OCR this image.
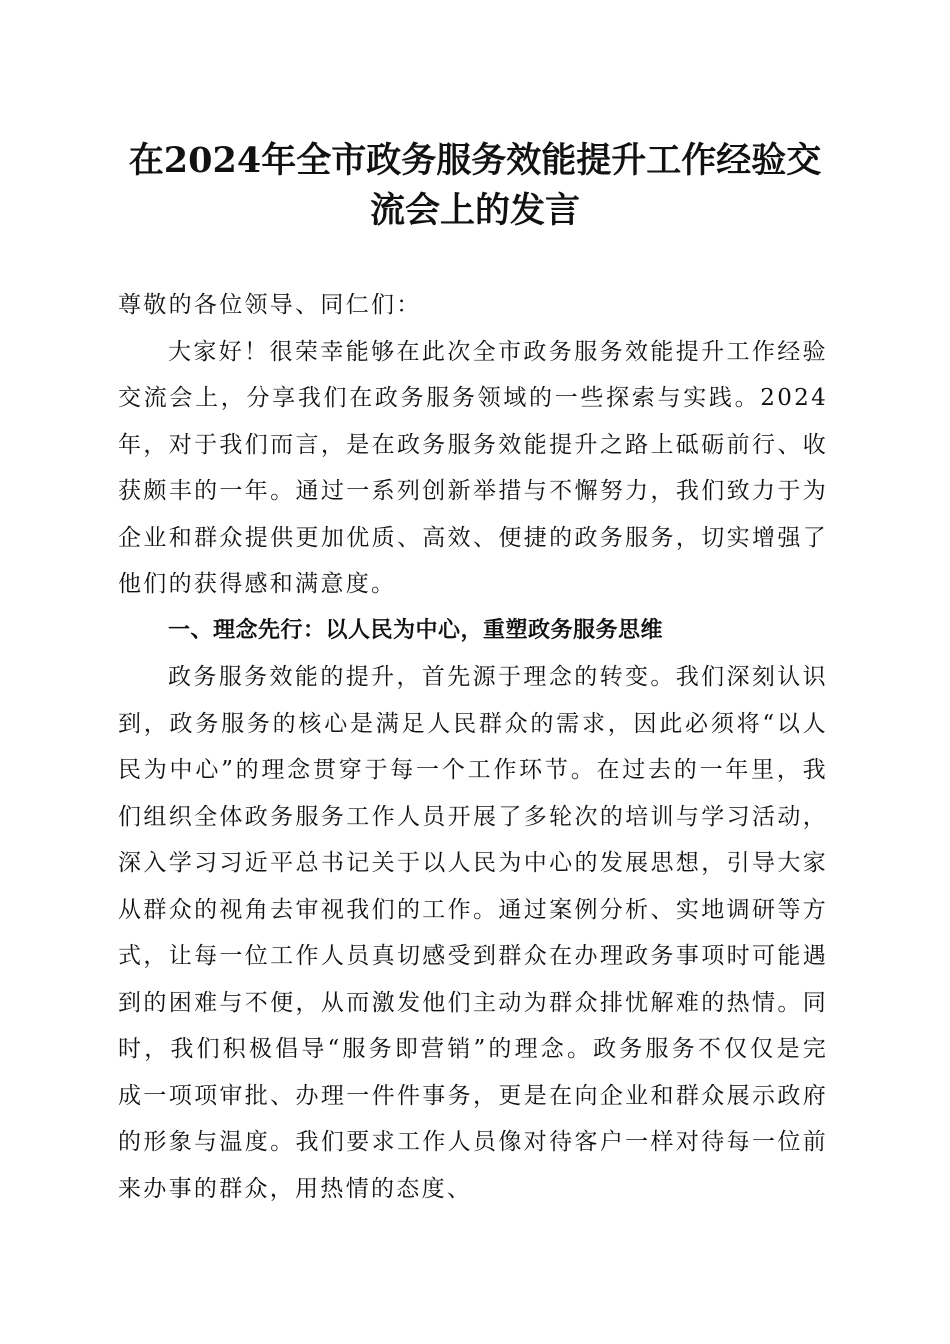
在2024年全市政务服务效能提升工作经验交
流会上的发言

尊敬的各位领导、同仁们：

大家好！很荣幸能够在此次全市政务服务效能提升工作经验交流会上，分享我们在政务服务领域的一些探索与实践。2024年，对于我们而言，是在政务服务效能提升之路上砥砺前行、收获颇丰的一年。通过一系列创新举措与不懈努力，我们致力于为企业和群众提供更加优质、高效、便捷的政务服务，切实增强了他们的获得感和满意度。

一、理念先行：以人民为中心，重塑政务服务思维

政务服务效能的提升，首先源于理念的转变。我们深刻认识到，政务服务的核心是满足人民群众的需求，因此必须将“以人民为中心”的理念贯穿于每一个工作环节。在过去的一年里，我们组织全体政务服务工作人员开展了多轮次的培训与学习活动，深入学习习近平总书记关于以人民为中心的发展思想，引导大家从群众的视角去审视我们的工作。通过案例分析、实地调研等方式，让每一位工作人员真切感受到群众在办理政务事项时可能遇到的困难与不便，从而激发他们主动为群众排忧解难的热情。同时，我们积极倡导“服务即营销”的理念。政务服务不仅仅是完成一项项审批、办理一件件事务，更是在向企业和群众展示政府的形象与温度。我们要求工作人员像对待客户一样对待每一位前来办事的群众，用热情的态度、
